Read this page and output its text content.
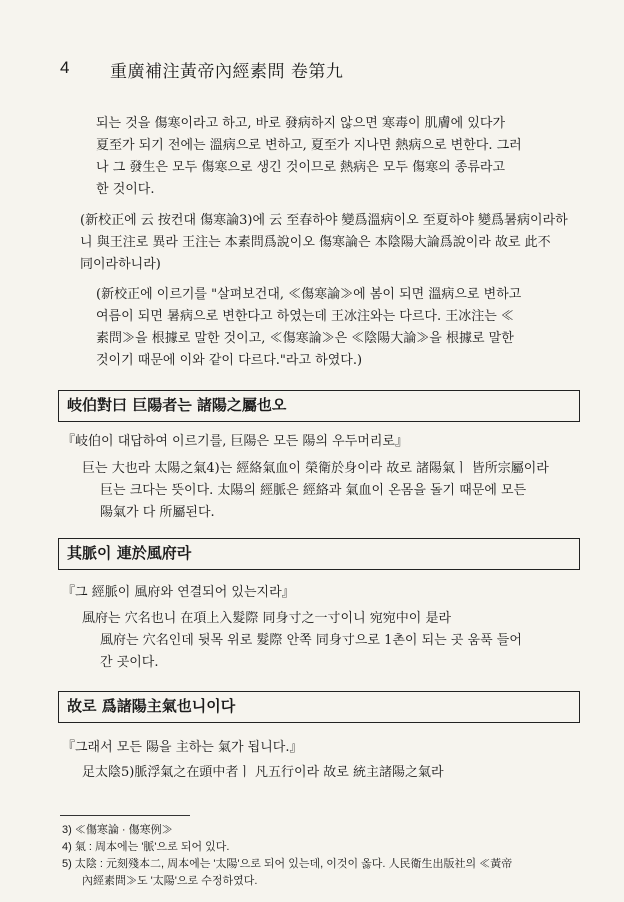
4 重廣補注黃帝內經素問 卷第九
되는 것을 傷寒이라고 하고, 바로 發病하지 않으면 寒毒이 肌膚에 있다가
夏至가 되기 전에는 溫病으로 변하고, 夏至가 지나면 熱病으로 변한다. 그러
나 그 發生은 모두 傷寒으로 생긴 것이므로 熱病은 모두 傷寒의 종류라고
한 것이다.
(新校正에 云 按컨대 傷寒論3)에 云 至春하야 變爲溫病이오 至夏하야 變爲暑病이라하
니 與王注로 異라 王注는 本素問爲說이오 傷寒論은 本陰陽大論爲說이라 故로 此不
同이라하니라)
(新校正에 이르기를 "살펴보건대, ≪傷寒論≫에 봄이 되면 溫病으로 변하고
여름이 되면 暑病으로 변한다고 하였는데 王冰注와는 다르다. 王冰注는 ≪
素問≫을 根據로 말한 것이고, ≪傷寒論≫은 ≪陰陽大論≫을 根據로 말한
것이기 때문에 이와 같이 다르다."라고 하였다.)
岐伯對曰 巨陽者는 諸陽之屬也오
『岐伯이 대답하여 이르기를, 巨陽은 모든 陽의 우두머리로』
巨는 大也라 太陽之氣4)는 經絡氣血이 榮衛於身이라 故로 諸陽氣ㅣ 皆所宗屬이라
巨는 크다는 뜻이다. 太陽의 經脈은 經絡과 氣血이 온몸을 돌기 때문에 모든
陽氣가 다 所屬된다.
其脈이 連於風府라
『그 經脈이 風府와 연결되어 있는지라』
風府는 穴名也니 在項上入髮際 同身寸之一寸이니 宛宛中이 是라
風府는 穴名인데 뒷목 위로 髮際 안쪽 同身寸으로 1촌이 되는 곳 움푹 들어
간 곳이다.
故로 爲諸陽主氣也니이다
『그래서 모든 陽을 主하는 氣가 됩니다.』
足太陰5)脈浮氣之在頭中者ㅣ 凡五行이라 故로 統主諸陽之氣라
3) ≪傷寒論 · 傷寒例≫
4) 氣 : 周本에는 '脈'으로 되어 있다.
5) 太陰 : 元刻殘本二, 周本에는 '太陽'으로 되어 있는데, 이것이 옳다. 人民衛生出版社의 ≪黃帝
內經素問≫도 '太陽'으로 수정하였다.
